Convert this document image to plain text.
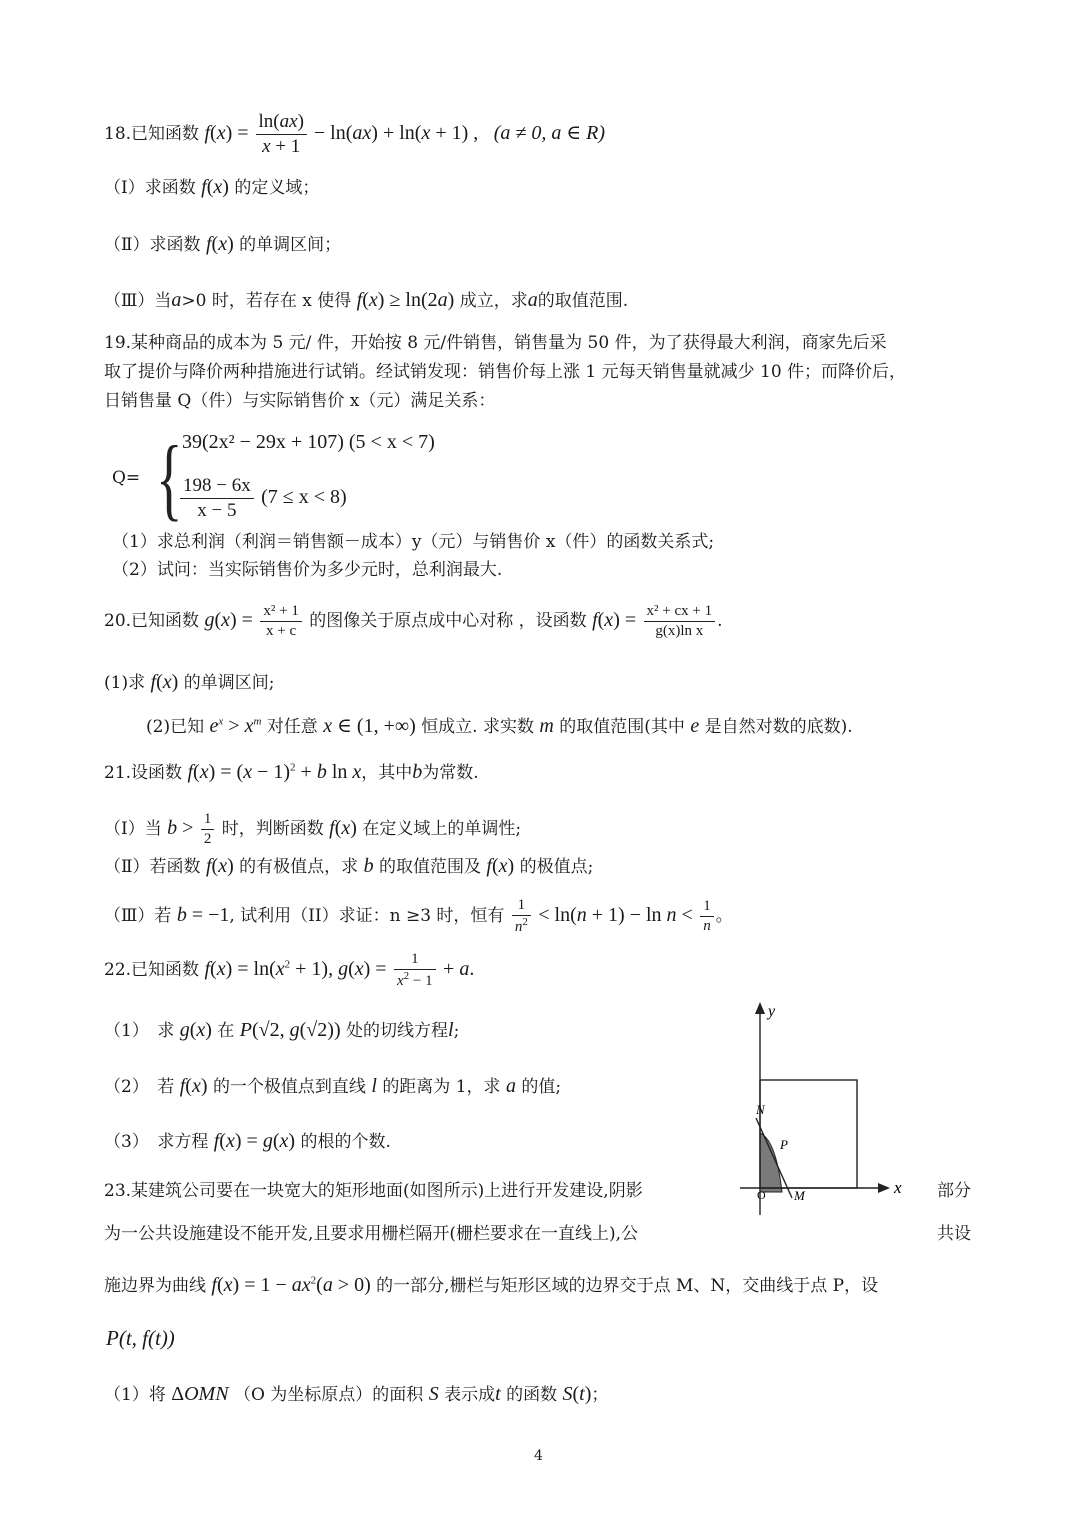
18.已知函数 $f(x) = \frac{\ln(ax)}{x + 1} - \ln(ax) + \ln(x + 1)$ ,   (a ≠ 0, a ∈ R)
（Ⅰ）求函数 f(x) 的定义域；
（Ⅱ）求函数 f(x) 的单调区间；
（Ⅲ）当a>0 时，若存在 x 使得 f(x) ≥ ln(2a) 成立，求a的取值范围.
19.某种商品的成本为 5 元/ 件，开始按 8 元/件销售，销售量为 50 件，为了获得最大利润，商家先后采
取了提价与降价两种措施进行试销。经试销发现：销售价每上涨 1 元每天销售量就减少 10 件；而降价后，
日销售量 Q（件）与实际销售价 x（元）满足关系：
Q= { 39(2x² − 29x + 107) (5 < x < 7)
$\frac{198 - 6x}{x - 5} (7 \le x < 8)$
（1）求总利润（利润＝销售额－成本）y（元）与销售价 x（件）的函数关系式;
（2）试问：当实际销售价为多少元时，总利润最大.
20.已知函数 $g(x) = \frac{\text{x² + 1}}{x + c}$ 的图像关于原点成中心对称 ，设函数 $f(x) = \frac{\text{x² + cx + 1}}{\text{g(x)ln x}}$ .
(1)求 f(x) 的单调区间;
(2)已知 $e^x > x^m$ 对任意 x ∈ (1, +∞) 恒成立. 求实数 m 的取值范围(其中 e 是自然对数的底数).
21.设函数 $f(x) = (x - 1)^2 + b$ ln x，其中b为常数.
（Ⅰ）当 $b > \frac{1}{2}$ 时，判断函数 f(x) 在定义域上的单调性;
（Ⅱ）若函数 f(x) 的有极值点，求 b 的取值范围及 f(x) 的极值点;
（Ⅲ）若 b = −1, 试利用（II）求证：n ≥3 时，恒有 $\frac{1}{n^2} < \ln(n + 1) - \ln n < \frac{1}{n}$ 。
22.已知函数 $f(x) = \ln(x^2 + 1)$, $g(x) = \frac{1}{x^2 - 1} + a$.
（1）　求 g(x) 在 P(√2, g(√2)) 处的切线方程l;
（2）　若 f(x) 的一个极值点到直线 l 的距离为 1，求 a 的值;
（3）　求方程 f(x) = g(x) 的根的个数.
23.某建筑公司要在一块宽大的矩形地面(如图所示)上进行开发建设,阴影	部分
为一公共设施建设不能开发,且要求用栅栏隔开(栅栏要求在一直线上),公	共设
施边界为曲线 $f(x) = 1 - ax^2(a > 0)$ 的一部分,栅栏与矩形区域的边界交于点 M、N，交曲线于点 P，设
P(t, f(t))
（1）将 ΔOMN （O 为坐标原点）的面积 S 表示成t 的函数 S(t)；
y
x
O M
N
P
4
